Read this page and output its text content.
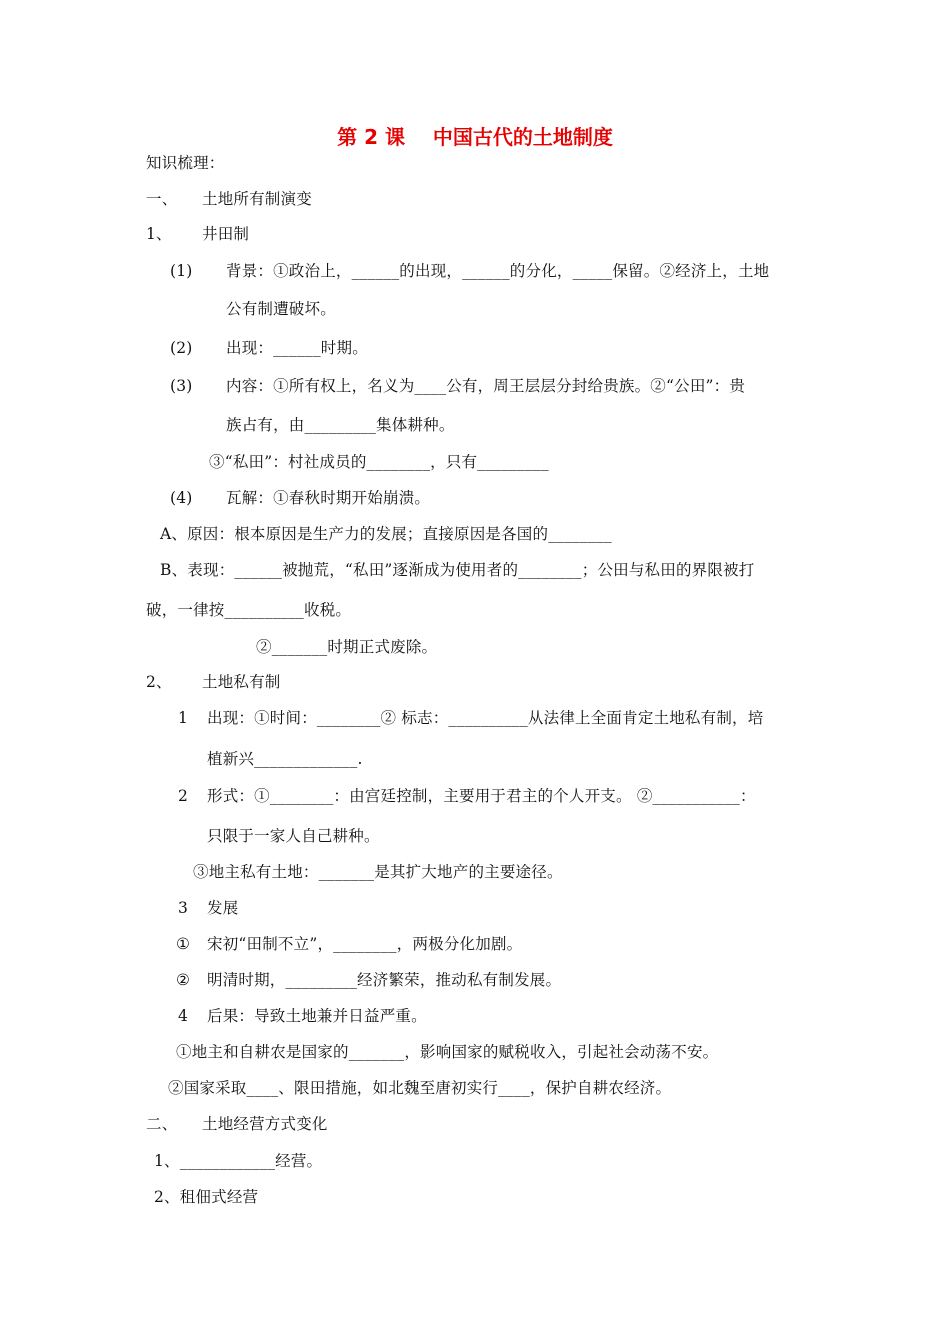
第 2 课    中国古代的土地制度
知识梳理：
一、 土地所有制演变
1、 井田制
(1) 背景：①政治上，______的出现，______的分化，_____保留。②经济上，土地
公有制遭破坏。
(2) 出现：______时期。
(3) 内容：①所有权上，名义为____公有，周王层层分封给贵族。②“公田”：贵
族占有，由_________集体耕种。
③“私田”：村社成员的________，只有_________
(4) 瓦解：①春秋时期开始崩溃。
A、原因：根本原因是生产力的发展；直接原因是各国的________
B、表现：______被抛荒，“私田”逐渐成为使用者的________；公田与私田的界限被打
破，一律按__________收税。
②_______时期正式废除。
2、 土地私有制
1 出现：①时间：________② 标志：__________从法律上全面肯定土地私有制，培
植新兴_____________.
2 形式：①________：由宫廷控制，主要用于君主的个人开支。 ②___________：
只限于一家人自己耕种。
③地主私有土地：_______是其扩大地产的主要途径。
3 发展
① 宋初“田制不立”，________，两极分化加剧。
② 明清时期，_________经济繁荣，推动私有制发展。
4 后果：导致土地兼并日益严重。
①地主和自耕农是国家的_______，影响国家的赋税收入，引起社会动荡不安。
②国家采取____、限田措施，如北魏至唐初实行____，保护自耕农经济。
二、 土地经营方式变化
1、____________经营。
2、租佃式经营
